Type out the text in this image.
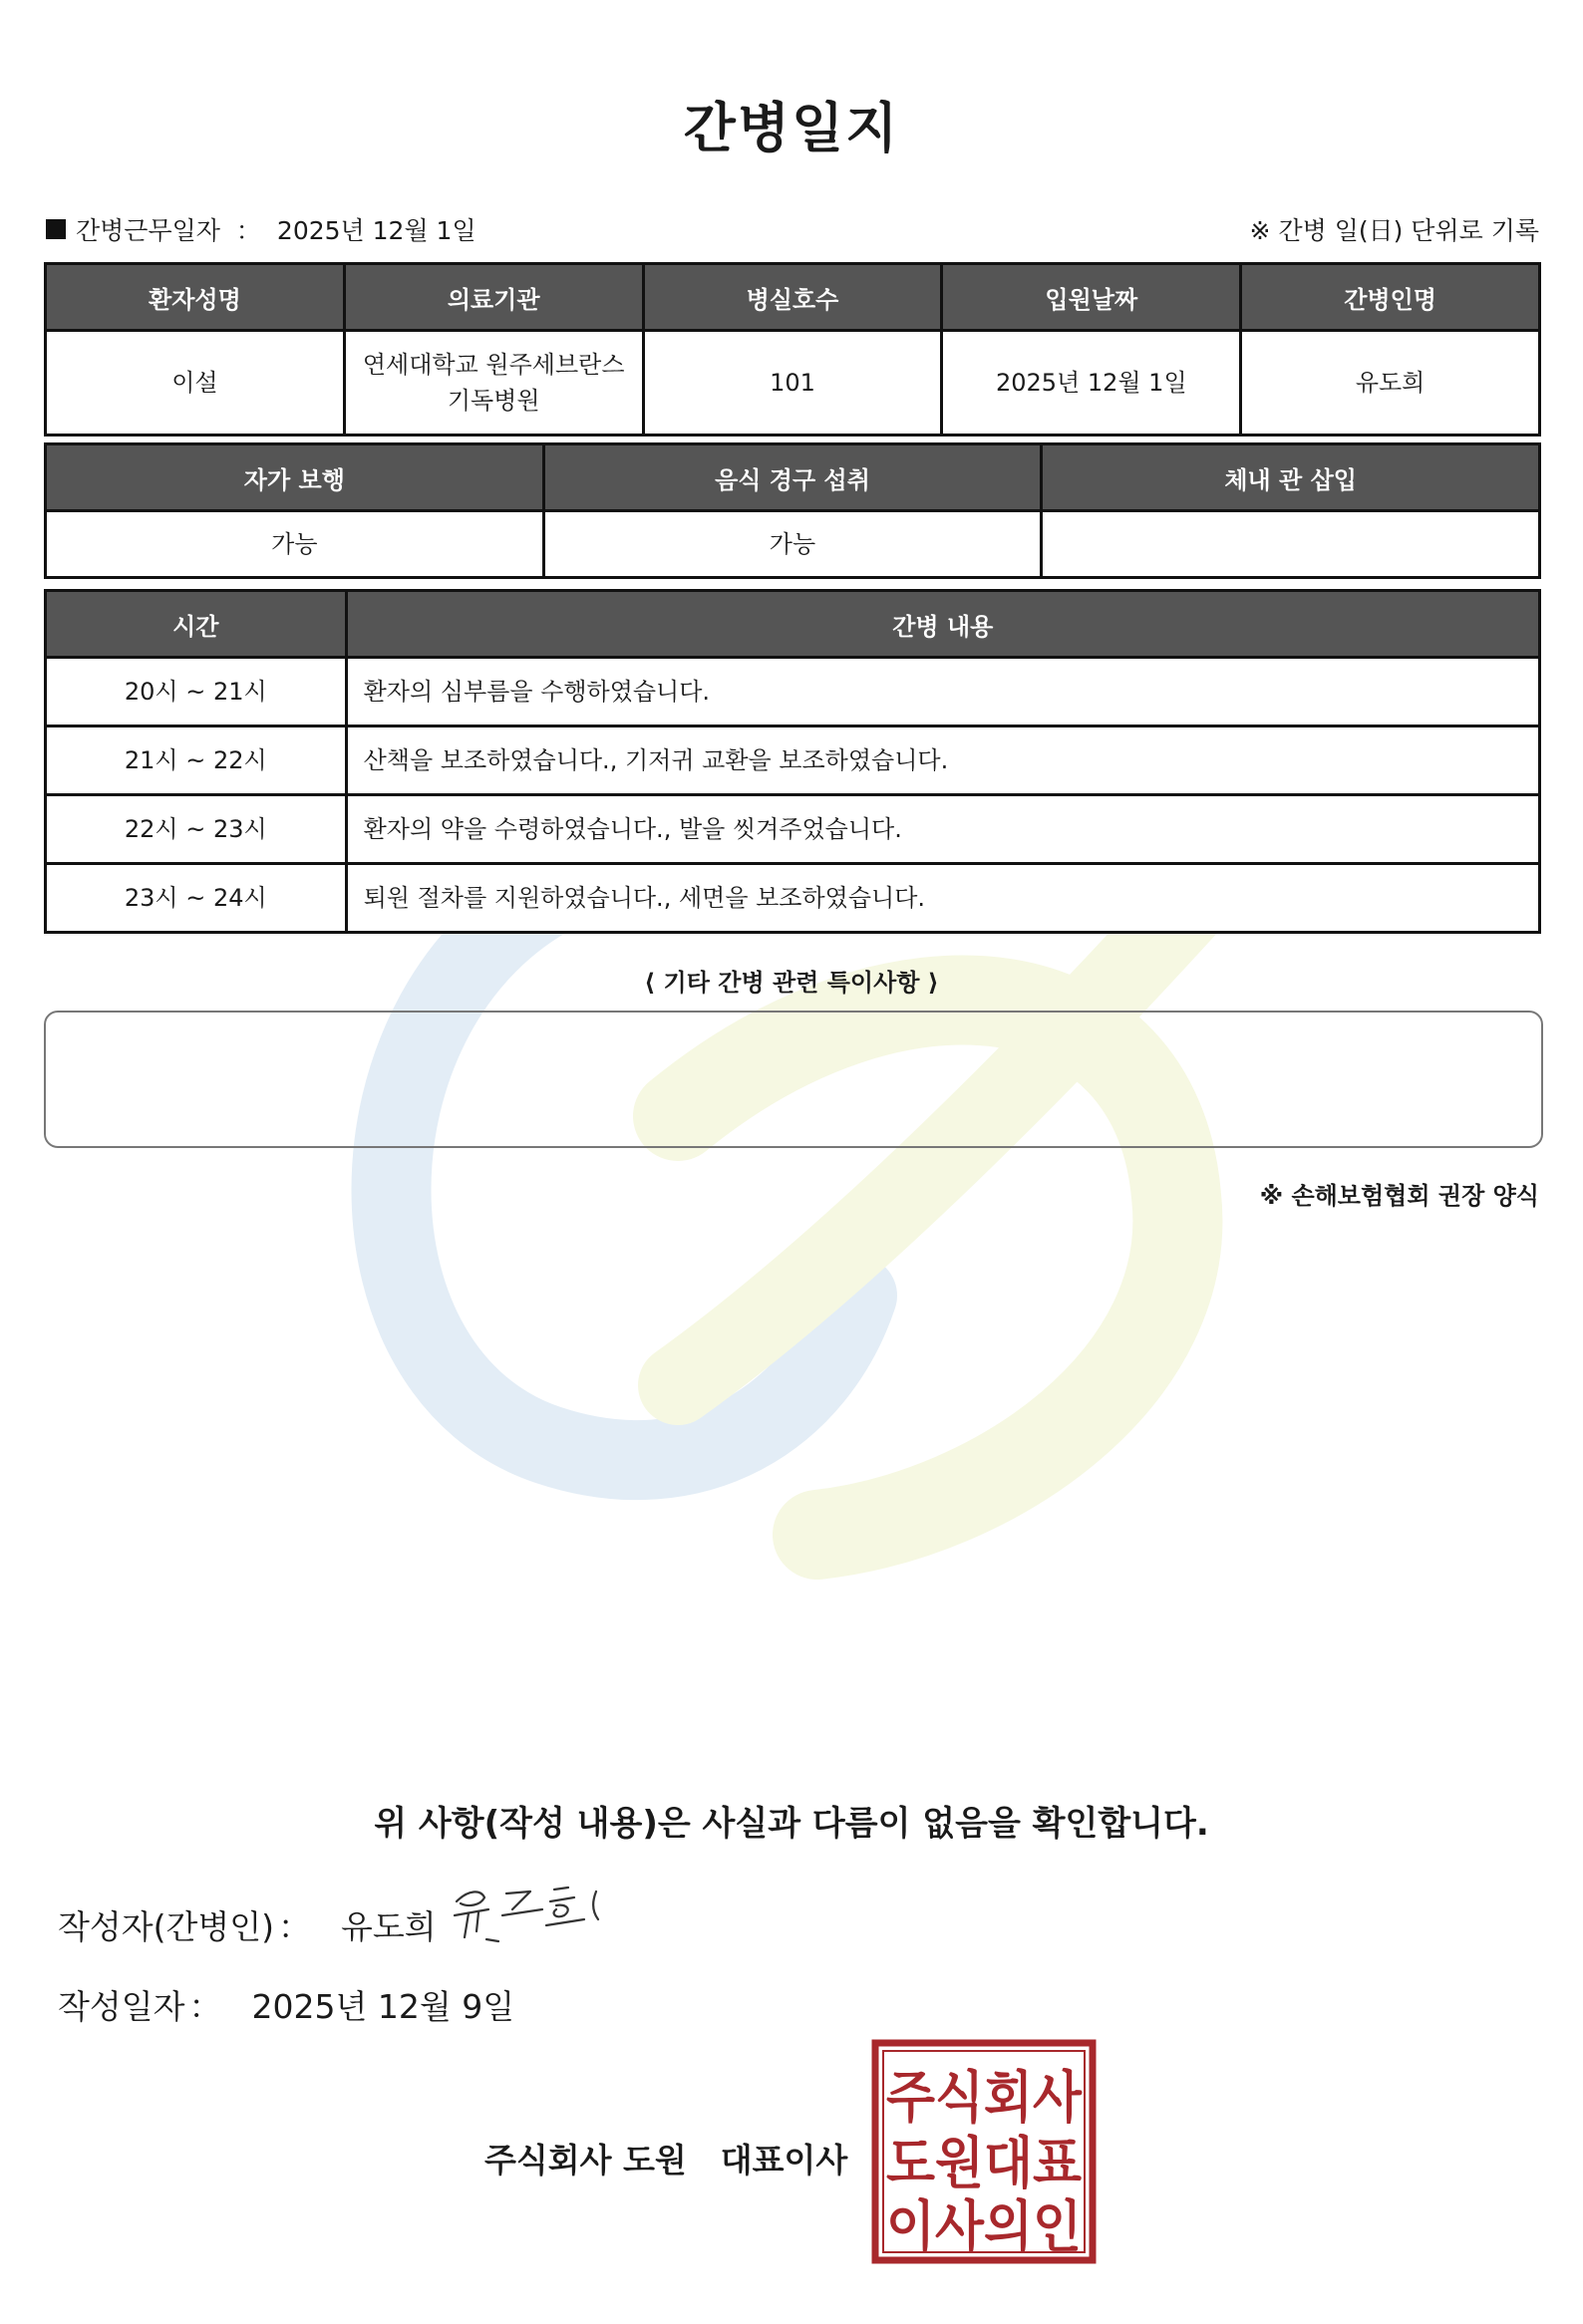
간병일지
간병근무일자 ： 2025년 12월 1일	※ 간병 일(日) 단위로 기록
환자성명	의료기관	병실호수	입원날짜	간병인명
이설	연세대학교 원주세브란스 기독병원	101	2025년 12월 1일	유도희
자가 보행	음식 경구 섭취	체내 관 삽입
가능	가능	
시간	간병 내용
20시 ~ 21시	환자의 심부름을 수행하였습니다.
21시 ~ 22시	산책을 보조하였습니다., 기저귀 교환을 보조하였습니다.
22시 ~ 23시	환자의 약을 수령하였습니다., 발을 씻겨주었습니다.
23시 ~ 24시	퇴원 절차를 지원하였습니다., 세면을 보조하였습니다.
⟨ 기타 간병 관련 특이사항 ⟩
※ 손해보험협회 권장 양식
위 사항(작성 내용)은 사실과 다름이 없음을 확인합니다.
작성자(간병인) ： 유도희
작성일자 ： 2025년 12월 9일
주식회사 도원 대표이사
주식회사
도원대표
이사의인
